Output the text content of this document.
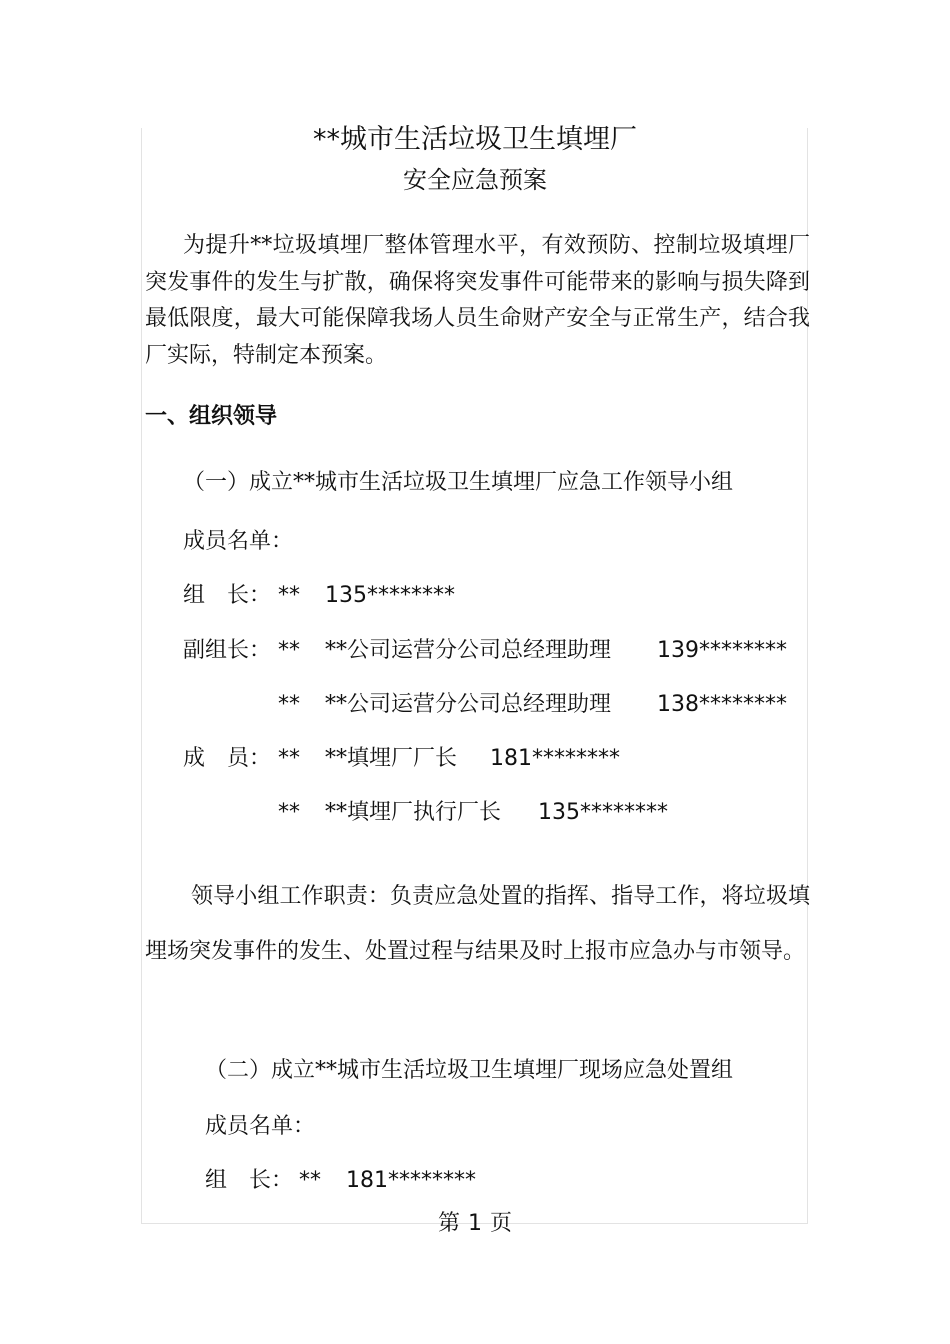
**城市生活垃圾卫生填埋厂
安全应急预案

为提升**垃圾填埋厂整体管理水平，有效预防、控制垃圾填埋厂突发事件的发生与扩散，确保将突发事件可能带来的影响与损失降到最低限度，最大可能保障我场人员生命财产安全与正常生产，结合我厂实际，特制定本预案。

一、组织领导
（一）成立**城市生活垃圾卫生填埋厂应急工作领导小组
成员名单：
组　长： ** 135********
副组长： ** **公司运营分公司总经理助理 139********
** **公司运营分公司总经理助理 138********
成　员： ** **填埋厂厂长 181********
** **填埋厂执行厂长 135********

领导小组工作职责：负责应急处置的指挥、指导工作，将垃圾填埋场突发事件的发生、处置过程与结果及时上报市应急办与市领导。

（二）成立**城市生活垃圾卫生填埋厂现场应急处置组
成员名单：
组　长： ** 181********
第 1 页
